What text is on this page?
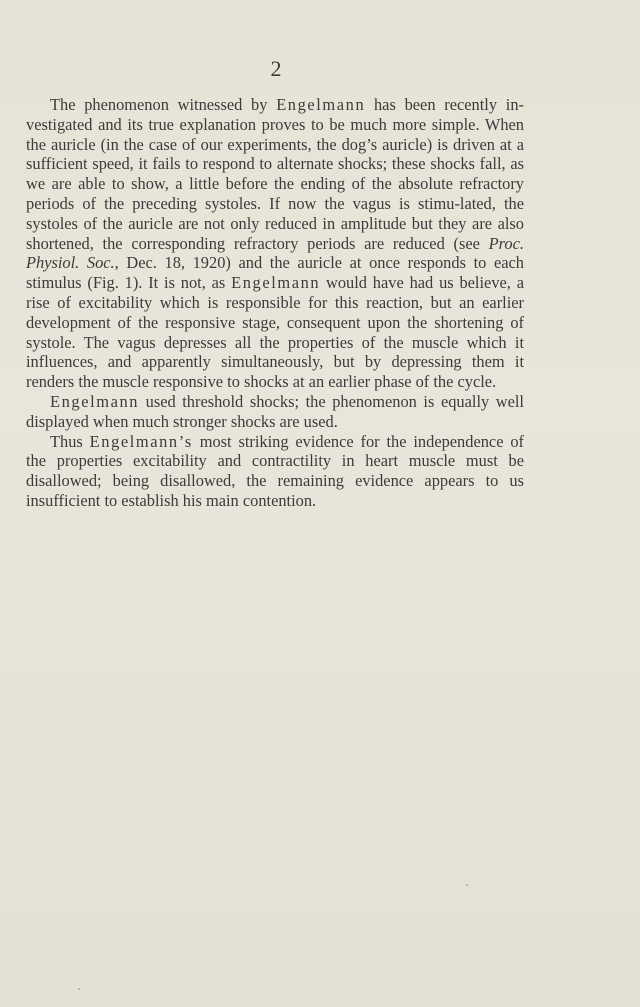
2

The phenomenon witnessed by Engelmann has been recently in-vestigated and its true explanation proves to be much more simple. When the auricle (in the case of our experiments, the dog’s auricle) is driven at a sufficient speed, it fails to respond to alternate shocks; these shocks fall, as we are able to show, a little before the ending of the absolute refractory periods of the preceding systoles. If now the vagus is stimu-lated, the systoles of the auricle are not only reduced in amplitude but they are also shortened, the corresponding refractory periods are reduced (see Proc. Physiol. Soc., Dec. 18, 1920) and the auricle at once responds to each stimulus (Fig. 1). It is not, as Engelmann would have had us believe, a rise of excitability which is responsible for this reaction, but an earlier development of the responsive stage, consequent upon the shortening of systole. The vagus depresses all the properties of the muscle which it influences, and apparently simultaneously, but by depressing them it renders the muscle responsive to shocks at an earlier phase of the cycle.

Engelmann used threshold shocks; the phenomenon is equally well displayed when much stronger shocks are used.

Thus Engelmann’s most striking evidence for the independence of the properties excitability and contractility in heart muscle must be disallowed; being disallowed, the remaining evidence appears to us insufficient to establish his main contention.
